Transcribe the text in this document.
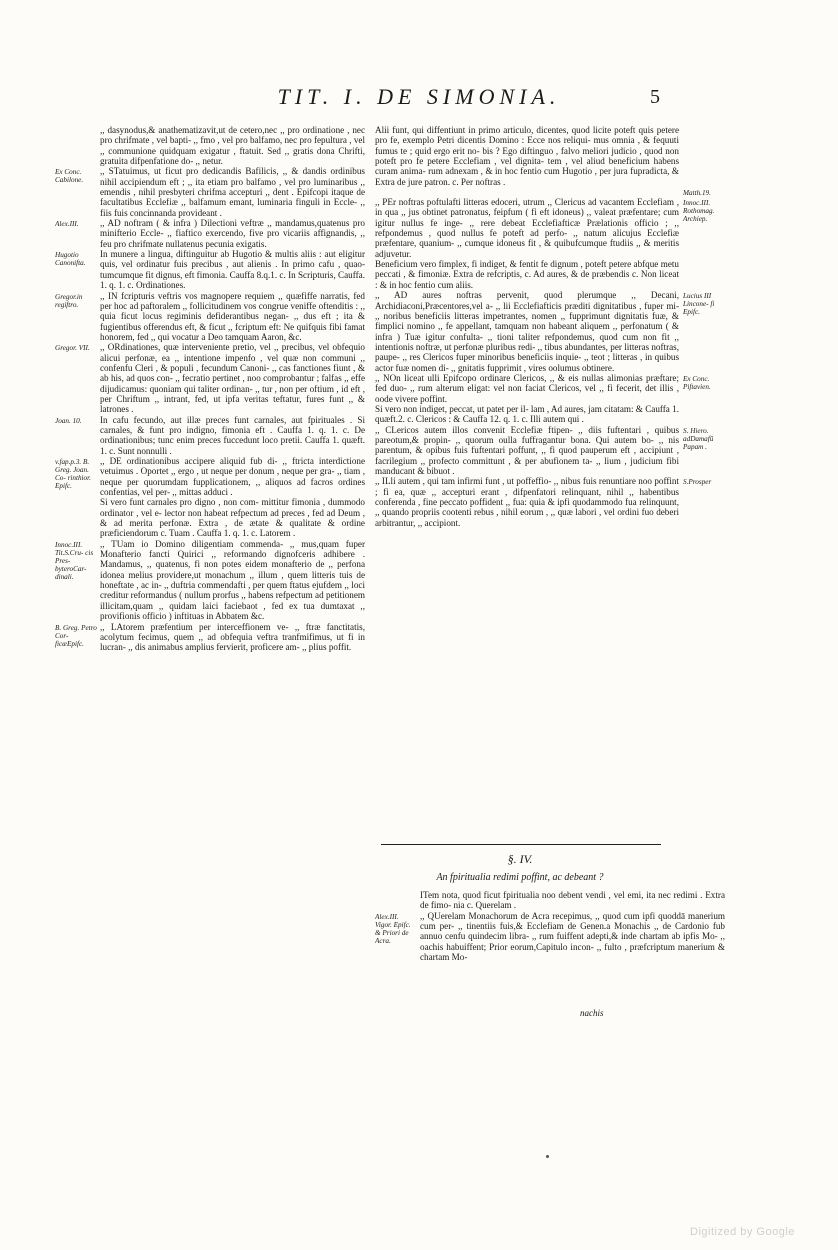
TIT. I. DE SIMONIA.	5
,, dasynodus,& anathematizavit,ut de cetero,nec ,, pro ordinatione , nec pro chrifmate , vel bapti- ,, fmo , vel pro balfamo, nec pro fepultura , vel ,, communione quidquam exigatur , ftatuit. Sed ,, gratis dona Chrifti, gratuita difpenfatione do- ,, netur.
Ex Conc. Cabilone.
,, STatuimus, ut ficut pro dedicandis Bafilicis, ,, & dandis ordinibus nihil accipiendum eft ; ,, ita etiam pro balfamo , vel pro luminaribus ,, emendis , nihil presbyteri chrifma accepturi ,, dent . Epifcopi itaque de facultatibus Ecclefiæ ,, balfamum emant, luminaria finguli in Eccle- ,, fiis fuis concinnanda provideant .
Alex.III.	,, AD noftram ( & infra ) Dilectioni veftræ ,, mandamus,quatenus pro minifterio Eccle- ,, fiaftico exercendo, five pro vicariis affignandis, ,, feu pro chrifmate nullatenus pecunia exigatis.
Hugotio Canonifta.
In munere a lingua, diftinguitur ab Hugotio & multis aliis : aut eligitur quis, vel ordinatur fuis precibus , aut alienis . In primo cafu , quao- tumcumque fit dignus, eft fimonia. Cauffa 8.q.1. c. In Scripturis, Cauffa. 1. q. 1. c. Ordinationes.
Gregor.in regiftro.
,, IN fcripturis veftris vos magnopere requiem ,, quæfiffe narratis, fed per hoc ad paftoralem ,, follicitudinem vos congrue veniffe oftenditis : ,, quia ficut locus regiminis defiderantibus negan- ,, dus eft ; ita & fugientibus offerendus eft, & ficut ,, fcriptum eft: Ne quifquis fibi famat honorem, fed ,, qui vocatur a Deo tamquam Aaron, &c.
Gregor. VII.	,, ORdinationes, quæ interveniente pretio, vel ,, precibus, vel obfequio alicui perfonæ, ea ,, intentione impenfo , vel quæ non communi ,, confenfu Cleri , & populi , fecundum Canoni- ,, cas fanctiones fiunt , & ab his, ad quos con- ,, fecratio pertinet , noo comprobantur ; falfas ,, effe dijudicamus: quoniam qui taliter ordinan- ,, tur , non per oftium , id eft , per Chriftum ,, intrant, fed, ut ipfa veritas teftatur, fures funt ,, & latrones .
Joan. 10.	In cafu fecundo, aut illæ preces funt carnales, aut fpirituales . Si carnales, & funt pro indigno, fimonia eft . Cauffa 1. q. 1. c. De ordinationibus; tunc enim preces fuccedunt loco pretii. Cauffa 1. quæft. 1. c. Sunt nonnulli .
v.fap.p.3. B. Greg. Joan. Co- rinthior. Epifc.
,, DE ordinationibus accipere aliquid fub di- ,, ftricta interdictione vetuimus . Oportet ,, ergo , ut neque per donum , neque per gra- ,, tiam , neque per quorumdam fupplicationem, ,, aliquos ad facros ordines confentias, vel per- ,, mittas adduci .
Si vero funt carnales pro digno , non com- mittitur fimonia , dummodo ordinator , vel e- lector non habeat refpectum ad preces , fed ad Deum , & ad merita perfonæ. Extra , de ætate & qualitate & ordine præficiendorum c. Tuam . Cauffa 1. q. 1. c. Latorem .
Innoc.III. Tit.S.Cru- cis Pres- byteroCar- dinali.
,, TUam io Domino diligentiam commenda- ,, mus,quam fuper Monafterio fancti Quirici ,, reformando dignofceris adhibere . Mandamus, ,, quatenus, fi non potes eidem monafterio de ,, perfona idonea melius providere,ut monachum ,, illum , quem litteris tuis de honeftate , ac in- ,, duftria commendafti , per quem ftatus ejufdem ,, loci creditur reformandus ( nullum prorfus ,, habens refpectum ad petitionem illicitam,quam ,, quidam laici faciebaot , fed ex tua dumtaxat ,, provifionis officio ) inftituas in Abbatem &c.
B. Greg. Petro Cor- ficæEpifc.
,, LAtorem præfentium per interceffionem ve- ,, ftræ fanctitatis, acolytum fecimus, quem ,, ad obfequia veftra tranfmifimus, ut fi in lucran- ,, dis animabus amplius fervierit, proficere am- ,, plius poffit.
Alii funt, qui diffentiunt in primo articulo, dicentes, quod licite poteft quis petere pro fe, exemplo Petri dicentis Domino : Ecce nos reliqui- mus omnia , & fequuti fumus te ; quid ergo erit no- bis ? Ego diftinguo , falvo meliori judicio , quod non poteft pro fe petere Ecclefiam , vel dignita- tem , vel aliud beneficium habens curam anima- rum adnexam , & in hoc fentio cum Hugotio , per jura fupradicta, & Extra de jure patron. c. Per noftras .
Matth.19.
Innoc.III. Rothomag. Archiep.
,, PEr noftras poftulafti litteras edoceri, utrum ,, Clericus ad vacantem Ecclefiam , in qua ,, jus obtinet patronatus, feipfum ( fi eft idoneus) ,, valeat præfentare; cum igitur nullus fe inge- ,, rere debeat Ecclefiafticæ Prælationis officio ; ,, refpondemus , quod nullus fe poteft ad perfo- ,, natum alicujus Ecclefiæ præfentare, quanium- ,, cumque idoneus fit , & quibufcumque ftudiis ,, & meritis adjuvetur.
Beneficium vero fimplex, fi indiget, & fentit fe dignum , poteft petere abfque metu peccati , & fimoniæ. Extra de refcriptis, c. Ad aures, & de præbendis c. Non liceat : & in hoc fentio cum aliis.
Lucius III Lincone- fi Epifc.
,, AD aures noftras pervenit, quod plerumque ,, Decani, Archidiaconi,Præcentores,vel a- ,, lii Ecclefiafticis præditi dignitatibus , fuper mi- ,, noribus beneficiis litteras impetrantes, nomen ,, fupprimunt dignitatis fuæ, & fimplici nomino ,, fe appellant, tamquam non habeant aliquem ,, perfonatum ( & infra ) Tuæ igitur confulta- ,, tioni taliter refpondemus, quod cum non fit ,, intentionis noftræ, ut perfonæ pluribus redi- ,, tibus abundantes, per litteras noftras, paupe- ,, res Clericos fuper minoribus beneficiis inquie- ,, teot ; litteras , in quibus actor fuæ nomen di- ,, gnitatis fupprimit , vires oolumus obtinere.
Ex Conc. Piftavien.
,, NOn liceat ulli Epifcopo ordinare Clericos, ,, & eis nullas alimonias præftare; fed duo- ,, rum alterum eligat: vel non faciat Clericos, vel ,, fi fecerit, det illis , oode vivere poffint.
Si vero non indiget, peccat, ut patet per il- lam , Ad aures, jam citatam: & Cauffa 1. quæft.2. c. Clericos : & Cauffa 12. q. 1. c. Illi autem qui .
S. Hiero. adDamafū Papam .
,, CLericos autem illos convenit Ecclefiæ ftipen- ,, diis fuftentari , quibus pareotum,& propin- ,, quorum oulla fuffragantur bona. Qui autem bo- ,, nis parentum, & opibus fuis fuftentari poffunt, ,, fi quod pauperum eft , accipiunt , facrilegium ,, profecto committunt , & per abufionem ta- ,, lium , judicium fibi manducant & bibuot .
S.Prosper
,, ILli autem , qui tam infirmi funt , ut poffeffio- ,, nibus fuis renuntiare noo poffint ; fi ea, quæ ,, accepturi erant , difpenfatori relinquant, nihil ,, habentibus conferenda , fine peccato poffident ,, fua: quia & ipfi quodammodo fua relinquunt, ,, quando propriis cootenti rebus , nihil eorum , ,, quæ labori , vel ordini fuo deberi arbitrantur, ,, accipiont.
§. IV.
An fpiritualia redimi poffint, ac debeant ?
ITem nota, quod ficut fpiritualia noo debent vendi , vel emi, ita nec redimi . Extra de fimo- nia c. Querelam .
Alex.III. Vigor. Epifc. & Priori de Acra.
,, QUerelam Monachorum de Acra recepimus, ,, quod cum ipfi quoddā manerium cum per- ,, tinentiis fuis,& Ecclefiam de Genen.a Monachis ,, de Cardonio fub annuo cenfu quindecim libra- ,, rum fuiffent adepti,& inde chartam ab ipfis Mo- ,, oachis habuiffent; Prior eorum,Capitulo incon- ,, fulto , præfcriptum manerium & chartam Mo-
nachis
Digitized by Google
